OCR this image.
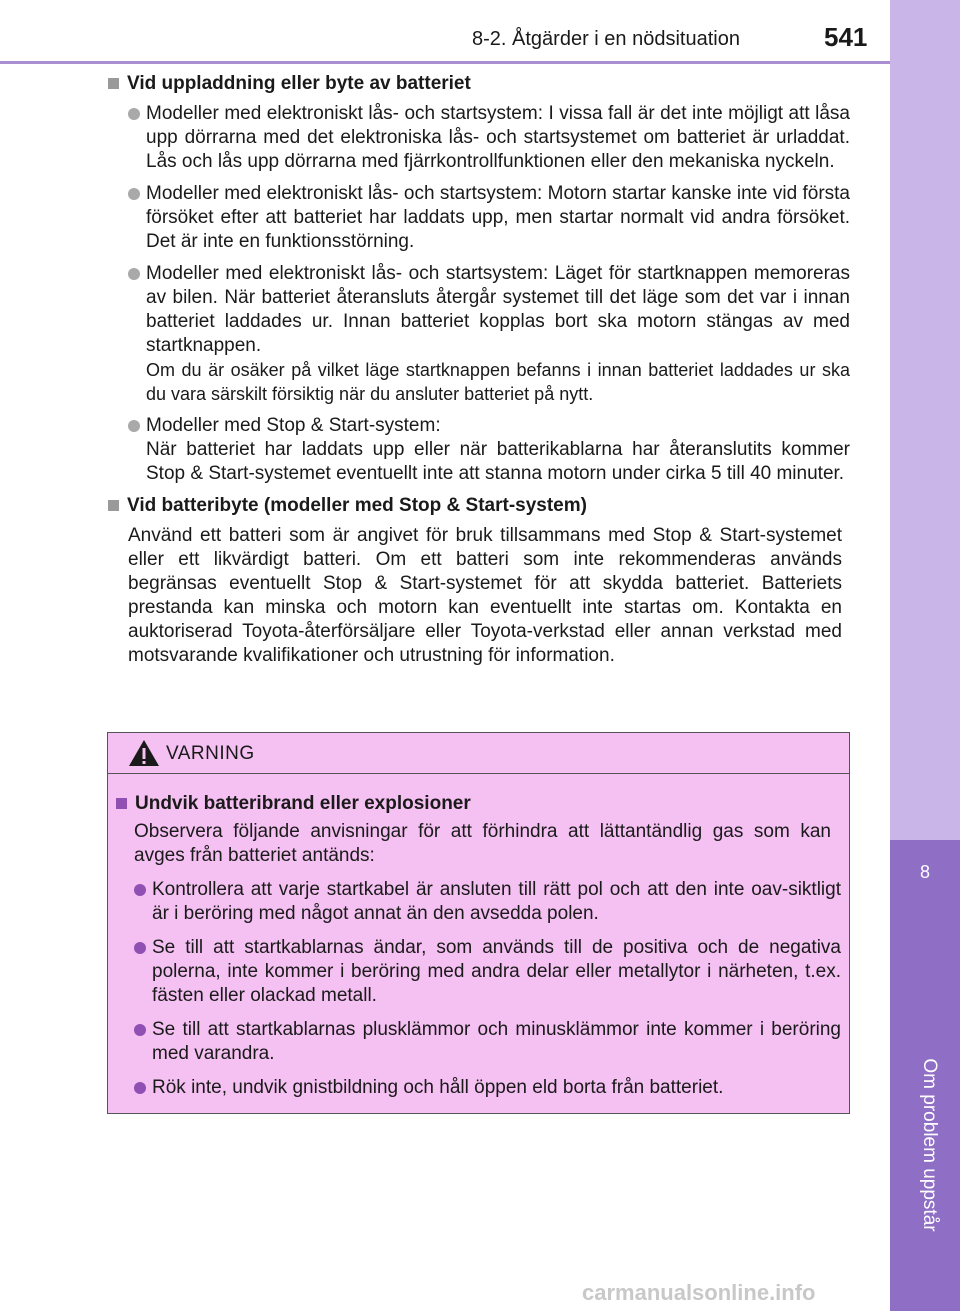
8-2. Åtgärder i en nödsituation	541
8
Om problem uppstår
Vid uppladdning eller byte av batteriet
Modeller med elektroniskt lås- och startsystem: I vissa fall är det inte möjligt att låsa upp dörrarna med det elektroniska lås- och startsystemet om batteriet är urladdat. Lås och lås upp dörrarna med fjärrkontrollfunktionen eller den mekaniska nyckeln.
Modeller med elektroniskt lås- och startsystem: Motorn startar kanske inte vid första försöket efter att batteriet har laddats upp, men startar normalt vid andra försöket. Det är inte en funktionsstörning.
Modeller med elektroniskt lås- och startsystem: Läget för startknappen memoreras av bilen. När batteriet återansluts återgår systemet till det läge som det var i innan batteriet laddades ur. Innan batteriet kopplas bort ska motorn stängas av med startknappen.
Om du är osäker på vilket läge startknappen befanns i innan batteriet laddades ur ska du vara särskilt försiktig när du ansluter batteriet på nytt.
Modeller med Stop & Start-system:
När batteriet har laddats upp eller när batterikablarna har återanslutits kommer Stop & Start-systemet eventuellt inte att stanna motorn under cirka 5 till 40 minuter.
Vid batteribyte (modeller med Stop & Start-system)
Använd ett batteri som är angivet för bruk tillsammans med Stop & Start-systemet eller ett likvärdigt batteri. Om ett batteri som inte rekommenderas används begränsas eventuellt Stop & Start-systemet för att skydda batteriet. Batteriets prestanda kan minska och motorn kan eventuellt inte startas om. Kontakta en auktoriserad Toyota-återförsäljare eller Toyota-verkstad eller annan verkstad med motsvarande kvalifikationer och utrustning för information.
VARNING
Undvik batteribrand eller explosioner
Observera följande anvisningar för att förhindra att lättantändlig gas som kan avges från batteriet antänds:
Kontrollera att varje startkabel är ansluten till rätt pol och att den inte oav-siktligt är i beröring med något annat än den avsedda polen.
Se till att startkablarnas ändar, som används till de positiva och de negativa polerna, inte kommer i beröring med andra delar eller metallytor i närheten, t.ex. fästen eller olackad metall.
Se till att startkablarnas plusklämmor och minusklämmor inte kommer i beröring med varandra.
Rök inte, undvik gnistbildning och håll öppen eld borta från batteriet.
carmanualsonline.info
